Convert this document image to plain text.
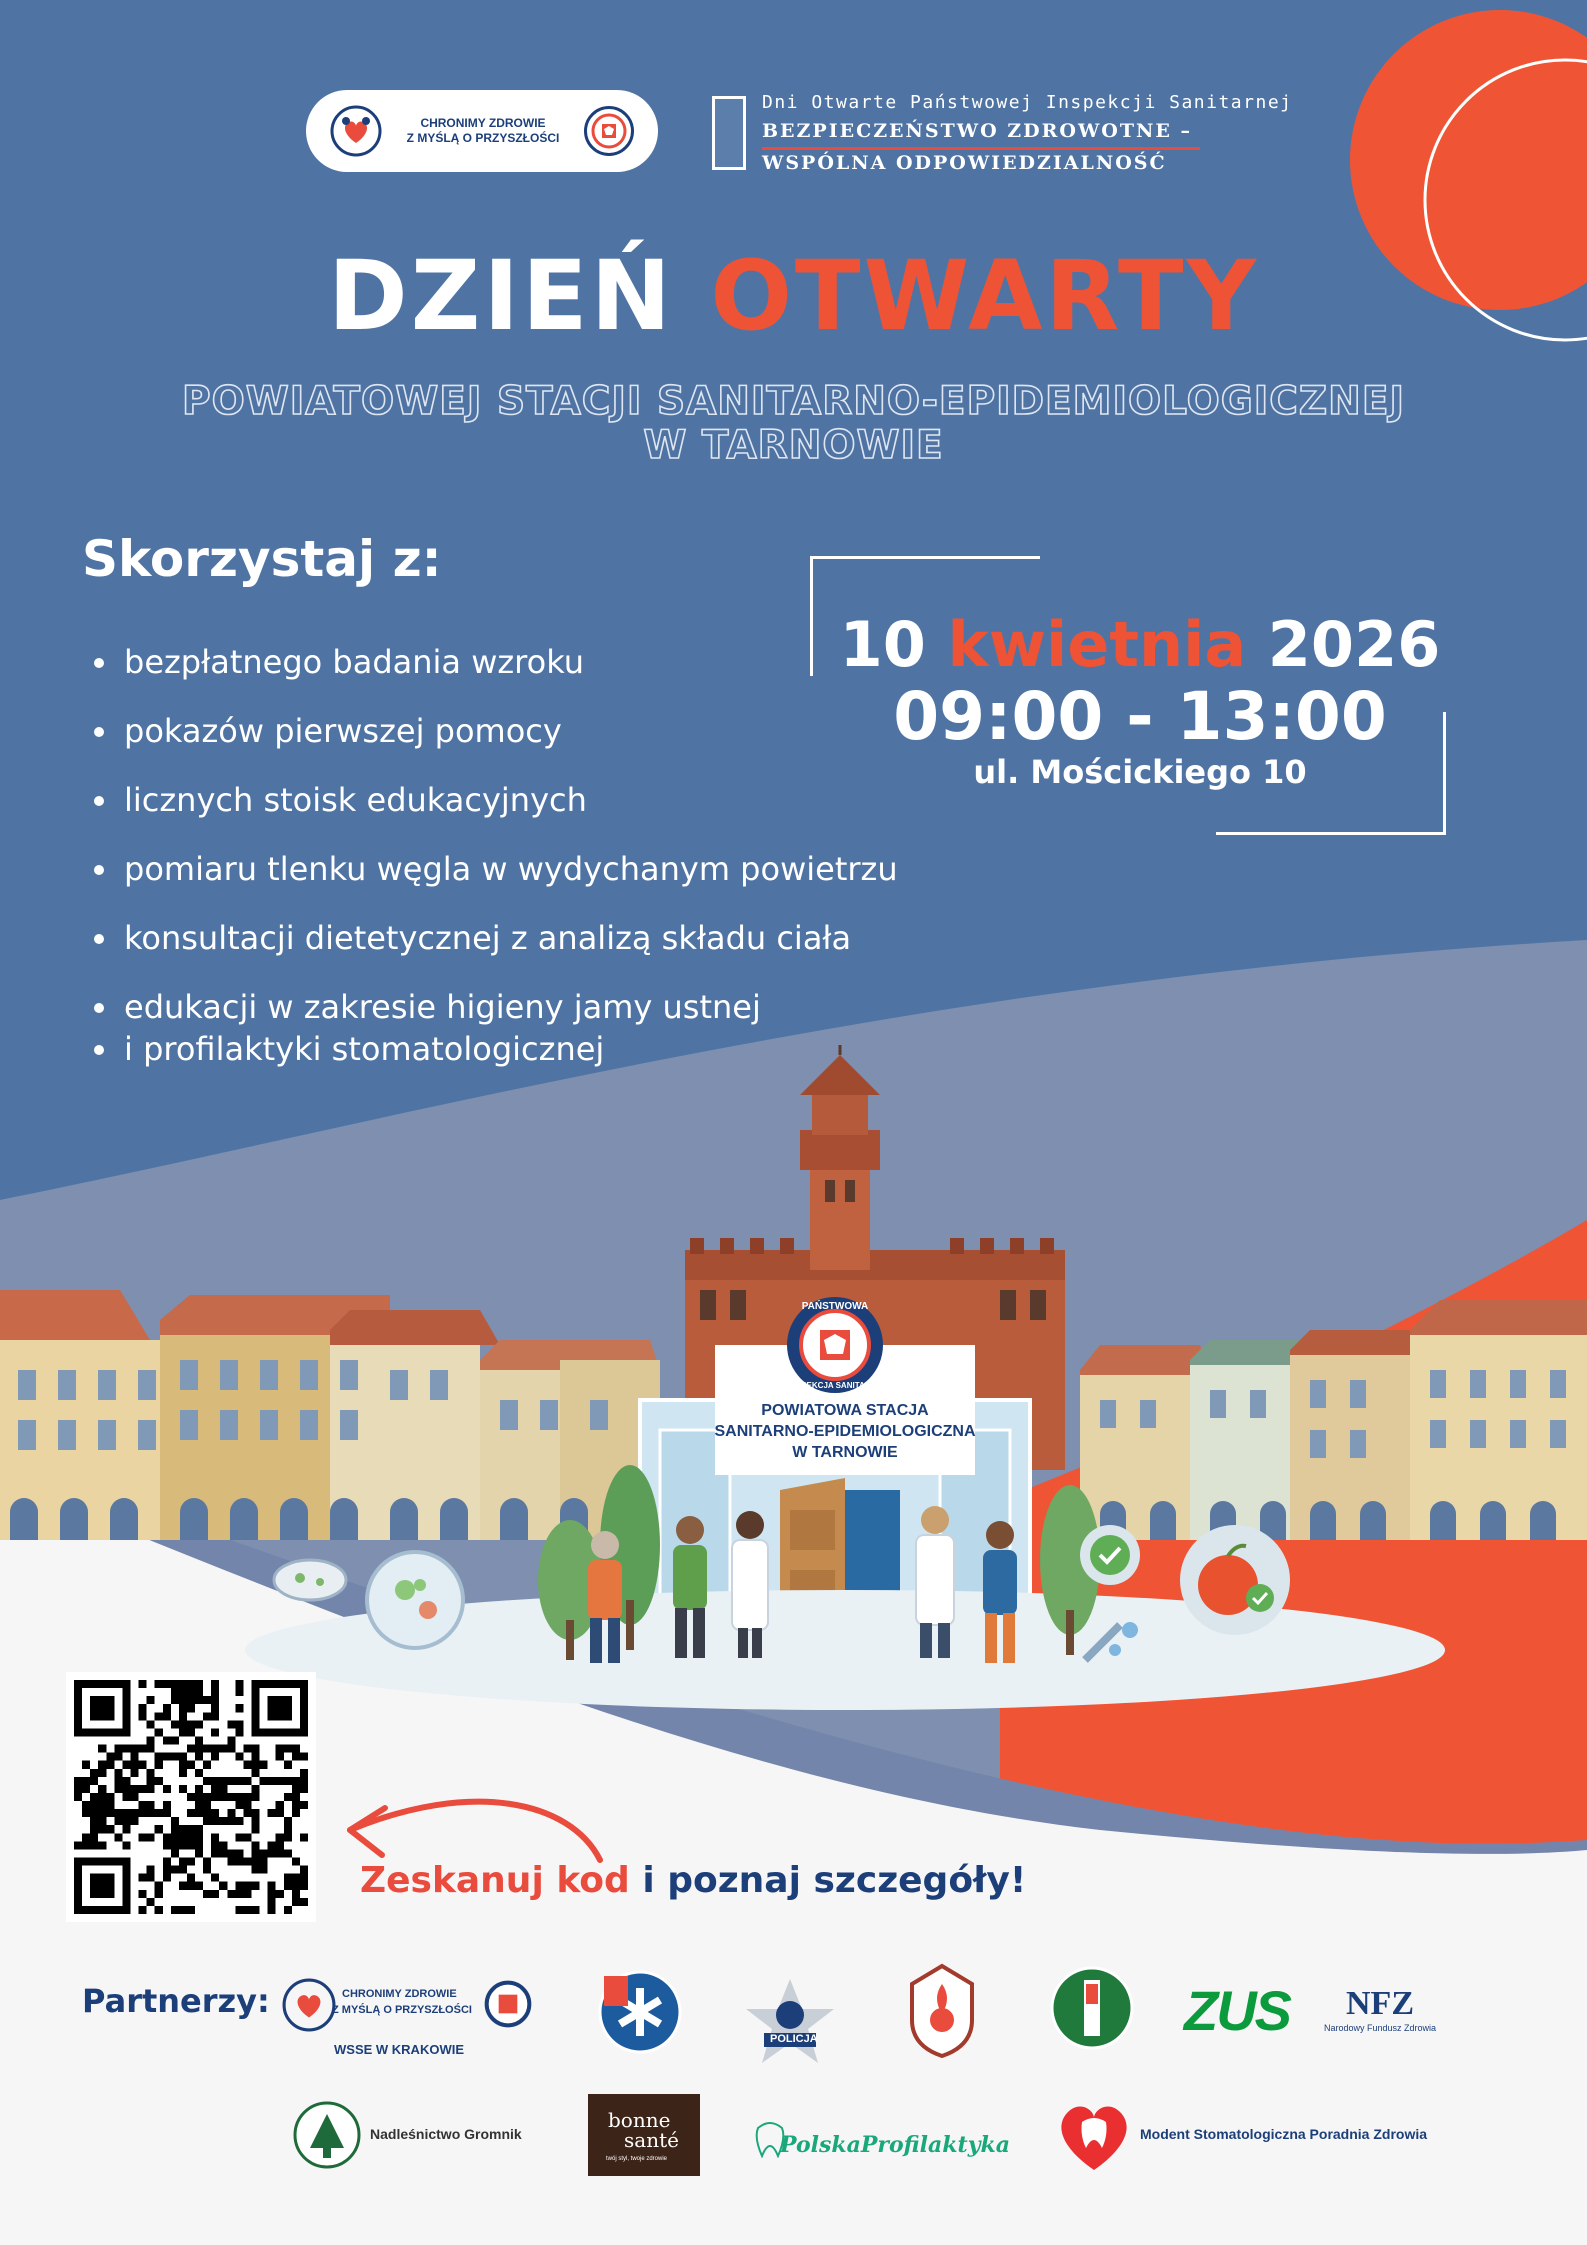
CHRONIMY ZDROWIE
Z MYŚLĄ O PRZYSZŁOŚCI
Dni Otwarte Państwowej Inspekcji Sanitarnej
BEZPIECZEŃSTWO ZDROWOTNE –
WSPÓLNA ODPOWIEDZIALNOŚĆ
DZIEŃ OTWARTY
POWIATOWEJ STACJI SANITARNO-EPIDEMIOLOGICZNEJ
W TARNOWIE
Skorzystaj z:
bezpłatnego badania wzroku
pokazów pierwszej pomocy
licznych stoisk edukacyjnych
pomiaru tlenku węgla w wydychanym powietrzu
konsultacji dietetycznej z analizą składu ciała
edukacji w zakresie higieny jamy ustnej
i profilaktyki stomatologicznej
10 kwietnia 2026
09:00 - 13:00
ul. Mościckiego 10
POWIATOWA STACJA
SANITARNO-EPIDEMIOLOGICZNA
W TARNOWIE
PAŃSTWOWA
INSPEKCJA SANITARNA
Zeskanuj kod i poznaj szczegóły!
Partnerzy:	CHRONIMY ZDROWIE
Z MYŚLĄ O PRZYSZŁOŚCI
WSSE W KRAKOWIE
POLICJA	ZUS	NFZ
Narodowy Fundusz Zdrowia
Nadleśnictwo Gromnik
bonne
santé
twój styl, twoje zdrowie
PolskaProfilaktyka	Modent Stomatologiczna Poradnia Zdrowia
